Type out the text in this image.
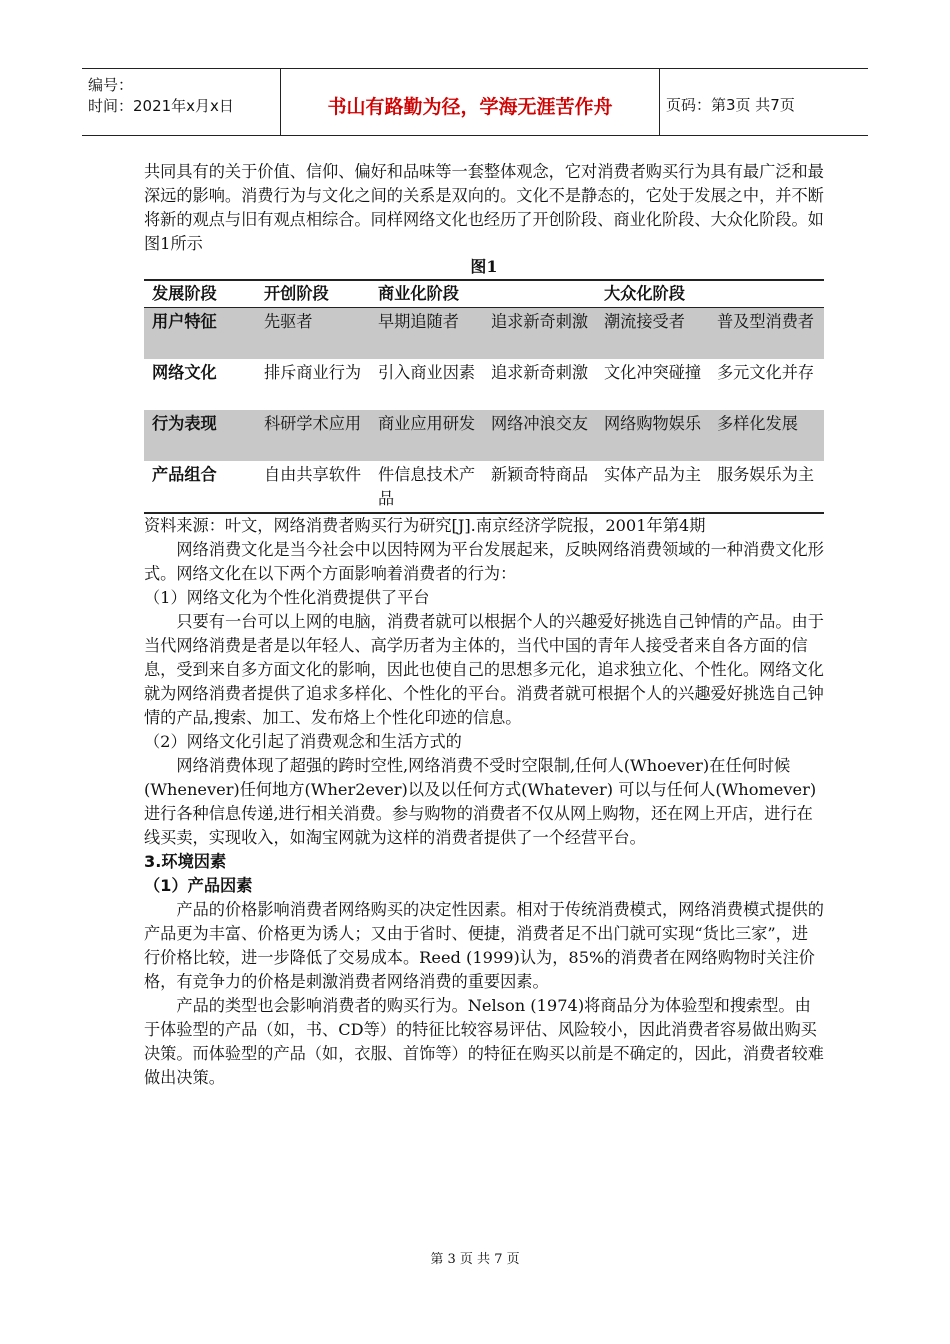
编号：
时间：2021年x月x日	书山有路勤为径，学海无涯苦作舟	页码：第3页 共7页

共同具有的关于价值、信仰、偏好和品味等一套整体观念，它对消费者购买行为具有最广泛和最深远的影响。消费行为与文化之间的关系是双向的。文化不是静态的，它处于发展之中，并不断将新的观点与旧有观点相综合。同样网络文化也经历了开创阶段、商业化阶段、大众化阶段。如图1所示

图1
发展阶段	开创阶段	商业化阶段		大众化阶段	
用户特征	先驱者	早期追随者	追求新奇刺激	潮流接受者	普及型消费者
网络文化	排斥商业行为	引入商业因素	追求新奇刺激	文化冲突碰撞	多元文化并存
行为表现	科研学术应用	商业应用研发	网络冲浪交友	网络购物娱乐	多样化发展
产品组合	自由共享软件	件信息技术产品	新颖奇特商品	实体产品为主	服务娱乐为主

资料来源：叶文，网络消费者购买行为研究[J].南京经济学院报，2001年第4期

网络消费文化是当今社会中以因特网为平台发展起来，反映网络消费领域的一种消费文化形式。网络文化在以下两个方面影响着消费者的行为：

（1）网络文化为个性化消费提供了平台

只要有一台可以上网的电脑，消费者就可以根据个人的兴趣爱好挑选自己钟情的产品。由于当代网络消费是者是以年轻人、高学历者为主体的，当代中国的青年人接受者来自各方面的信息，受到来自多方面文化的影响，因此也使自己的思想多元化，追求独立化、个性化。网络文化就为网络消费者提供了追求多样化、个性化的平台。消费者就可根据个人的兴趣爱好挑选自己钟情的产品,搜索、加工、发布烙上个性化印迹的信息。

（2）网络文化引起了消费观念和生活方式的

网络消费体现了超强的跨时空性,网络消费不受时空限制,任何人(Whoever)在任何时候(Whenever)任何地方(Wher2ever)以及以任何方式(Whatever) 可以与任何人(Whomever)进行各种信息传递,进行相关消费。参与购物的消费者不仅从网上购物，还在网上开店，进行在线买卖，实现收入，如淘宝网就为这样的消费者提供了一个经营平台。

3.环境因素

（1）产品因素

产品的价格影响消费者网络购买的决定性因素。相对于传统消费模式，网络消费模式提供的产品更为丰富、价格更为诱人；又由于省时、便捷，消费者足不出门就可实现“货比三家”，进行价格比较，进一步降低了交易成本。Reed (1999)认为，85%的消费者在网络购物时关注价格，有竞争力的价格是刺激消费者网络消费的重要因素。

产品的类型也会影响消费者的购买行为。Nelson (1974)将商品分为体验型和搜索型。由于体验型的产品（如，书、CD等）的特征比较容易评估、风险较小，因此消费者容易做出购买决策。而体验型的产品（如，衣服、首饰等）的特征在购买以前是不确定的，因此，消费者较难做出决策。

第 3 页 共 7 页
